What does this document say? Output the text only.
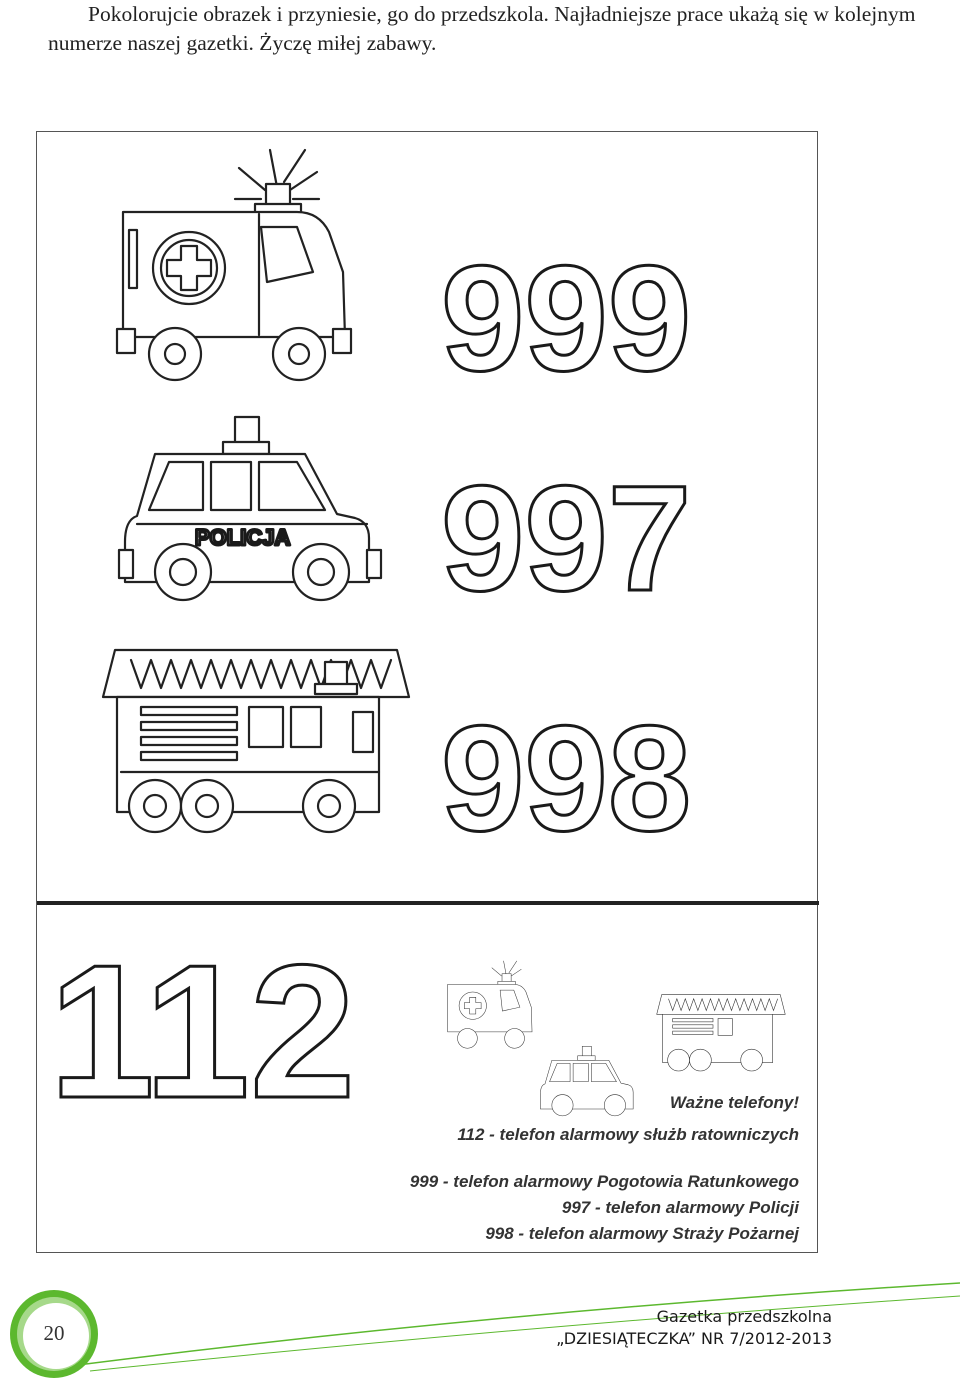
Pokolorujcie obrazek i przyniesie, go do przedszkola. Najładniejsze prace ukażą się w kolejnym numerze naszej gazetki. Życzę miłej zabawy.

POLICJA
999
997
998
112	Ważne telefony!
112 - telefon alarmowy służb ratowniczych
999 - telefon alarmowy Pogotowia Ratunkowego
997 - telefon alarmowy Policji
998 - telefon alarmowy Straży Pożarnej
20
Gazetka przedszkolna
„DZIESIĄTECZKA” NR 7/2012-2013
